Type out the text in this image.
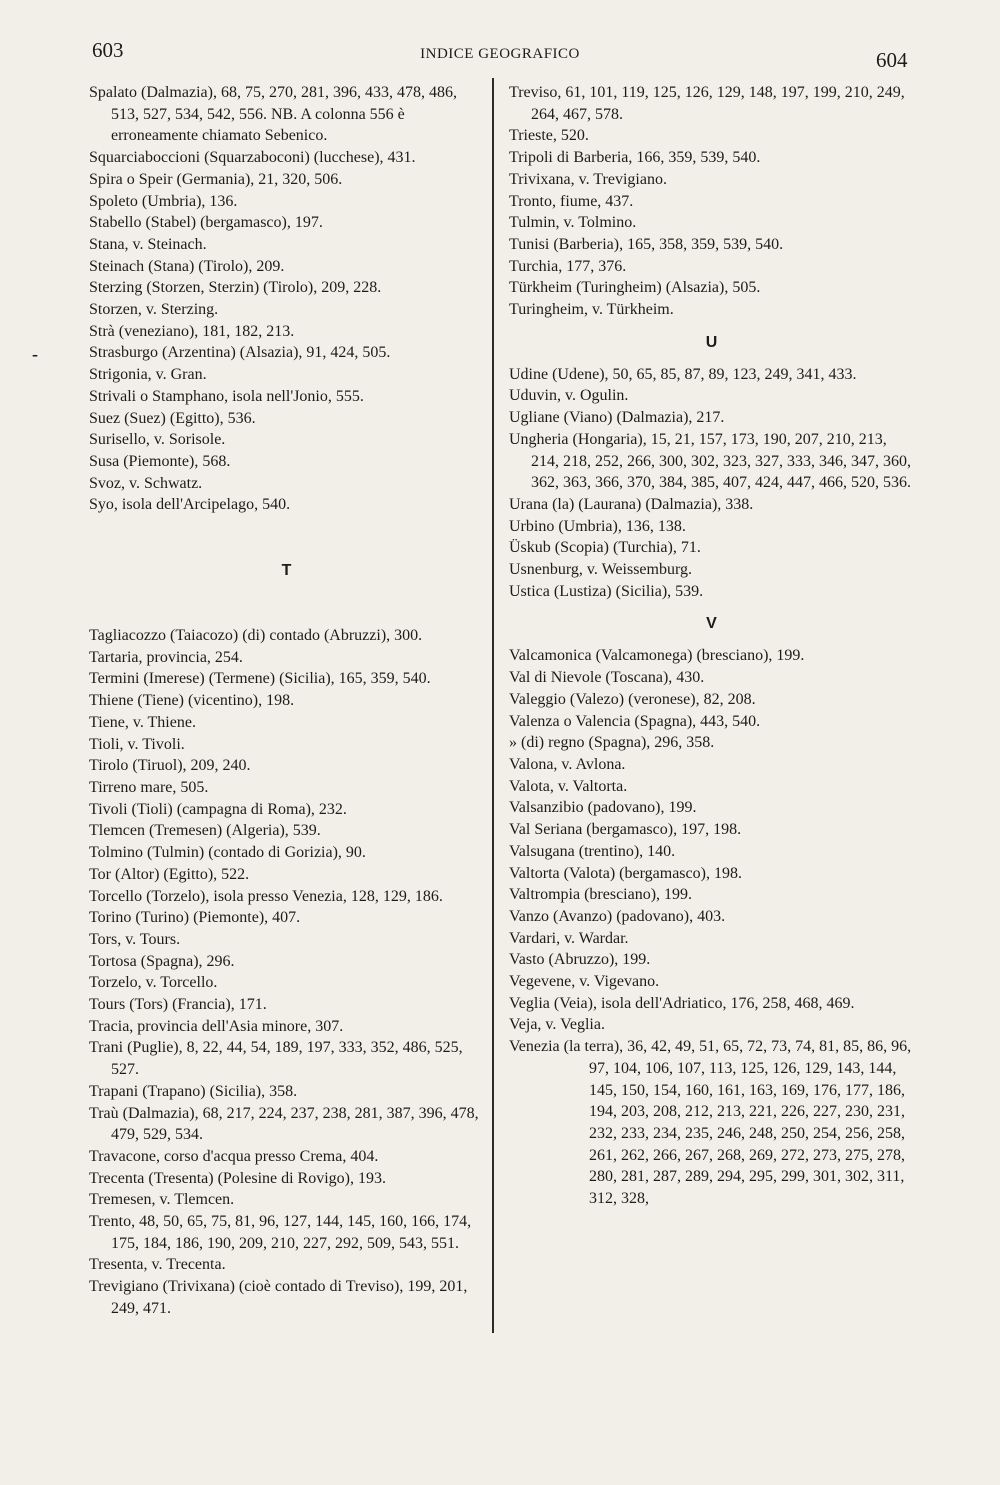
603	INDICE GEOGRAFICO	604
-
Spalato (Dalmazia), 68, 75, 270, 281, 396, 433, 478, 486, 513, 527, 534, 542, 556. NB. A colonna 556 è erroneamente chiamato Sebenico.
Squarciaboccioni (Squarzaboconi) (lucchese), 431.
Spira o Speir (Germania), 21, 320, 506.
Spoleto (Umbria), 136.
Stabello (Stabel) (bergamasco), 197.
Stana, v. Steinach.
Steinach (Stana) (Tirolo), 209.
Sterzing (Storzen, Sterzin) (Tirolo), 209, 228.
Storzen, v. Sterzing.
Strà (veneziano), 181, 182, 213.
Strasburgo (Arzentina) (Alsazia), 91, 424, 505.
Strigonia, v. Gran.
Strivali o Stamphano, isola nell'Jonio, 555.
Suez (Suez) (Egitto), 536.
Surisello, v. Sorisole.
Susa (Piemonte), 568.
Svoz, v. Schwatz.
Syo, isola dell'Arcipelago, 540.
T
Tagliacozzo (Taiacozo) (di) contado (Abruzzi), 300.
Tartaria, provincia, 254.
Termini (Imerese) (Termene) (Sicilia), 165, 359, 540.
Thiene (Tiene) (vicentino), 198.
Tiene, v. Thiene.
Tioli, v. Tivoli.
Tirolo (Tiruol), 209, 240.
Tirreno mare, 505.
Tivoli (Tioli) (campagna di Roma), 232.
Tlemcen (Tremesen) (Algeria), 539.
Tolmino (Tulmin) (contado di Gorizia), 90.
Tor (Altor) (Egitto), 522.
Torcello (Torzelo), isola presso Venezia, 128, 129, 186.
Torino (Turino) (Piemonte), 407.
Tors, v. Tours.
Tortosa (Spagna), 296.
Torzelo, v. Torcello.
Tours (Tors) (Francia), 171.
Tracia, provincia dell'Asia minore, 307.
Trani (Puglie), 8, 22, 44, 54, 189, 197, 333, 352, 486, 525, 527.
Trapani (Trapano) (Sicilia), 358.
Traù (Dalmazia), 68, 217, 224, 237, 238, 281, 387, 396, 478, 479, 529, 534.
Travacone, corso d'acqua presso Crema, 404.
Trecenta (Tresenta) (Polesine di Rovigo), 193.
Tremesen, v. Tlemcen.
Trento, 48, 50, 65, 75, 81, 96, 127, 144, 145, 160, 166, 174, 175, 184, 186, 190, 209, 210, 227, 292, 509, 543, 551.
Tresenta, v. Trecenta.
Trevigiano (Trivixana) (cioè contado di Treviso), 199, 201, 249, 471.
Treviso, 61, 101, 119, 125, 126, 129, 148, 197, 199, 210, 249, 264, 467, 578.
Trieste, 520.
Tripoli di Barberia, 166, 359, 539, 540.
Trivixana, v. Trevigiano.
Tronto, fiume, 437.
Tulmin, v. Tolmino.
Tunisi (Barberia), 165, 358, 359, 539, 540.
Turchia, 177, 376.
Türkheim (Turingheim) (Alsazia), 505.
Turingheim, v. Türkheim.
U
Udine (Udene), 50, 65, 85, 87, 89, 123, 249, 341, 433.
Uduvin, v. Ogulin.
Ugliane (Viano) (Dalmazia), 217.
Ungheria (Hongaria), 15, 21, 157, 173, 190, 207, 210, 213, 214, 218, 252, 266, 300, 302, 323, 327, 333, 346, 347, 360, 362, 363, 366, 370, 384, 385, 407, 424, 447, 466, 520, 536.
Urana (la) (Laurana) (Dalmazia), 338.
Urbino (Umbria), 136, 138.
Üskub (Scopia) (Turchia), 71.
Usnenburg, v. Weissemburg.
Ustica (Lustiza) (Sicilia), 539.
V
Valcamonica (Valcamonega) (bresciano), 199.
Val di Nievole (Toscana), 430.
Valeggio (Valezo) (veronese), 82, 208.
Valenza o Valencia (Spagna), 443, 540.
» (di) regno (Spagna), 296, 358.
Valona, v. Avlona.
Valota, v. Valtorta.
Valsanzibio (padovano), 199.
Val Seriana (bergamasco), 197, 198.
Valsugana (trentino), 140.
Valtorta (Valota) (bergamasco), 198.
Valtrompia (bresciano), 199.
Vanzo (Avanzo) (padovano), 403.
Vardari, v. Wardar.
Vasto (Abruzzo), 199.
Vegevene, v. Vigevano.
Veglia (Veia), isola dell'Adriatico, 176, 258, 468, 469.
Veja, v. Veglia.
Venezia (la terra), 36, 42, 49, 51, 65, 72, 73, 74, 81, 85, 86, 96, 97, 104, 106, 107, 113, 125, 126, 129, 143, 144, 145, 150, 154, 160, 161, 163, 169, 176, 177, 186, 194, 203, 208, 212, 213, 221, 226, 227, 230, 231, 232, 233, 234, 235, 246, 248, 250, 254, 256, 258, 261, 262, 266, 267, 268, 269, 272, 273, 275, 278, 280, 281, 287, 289, 294, 295, 299, 301, 302, 311, 312, 328,
